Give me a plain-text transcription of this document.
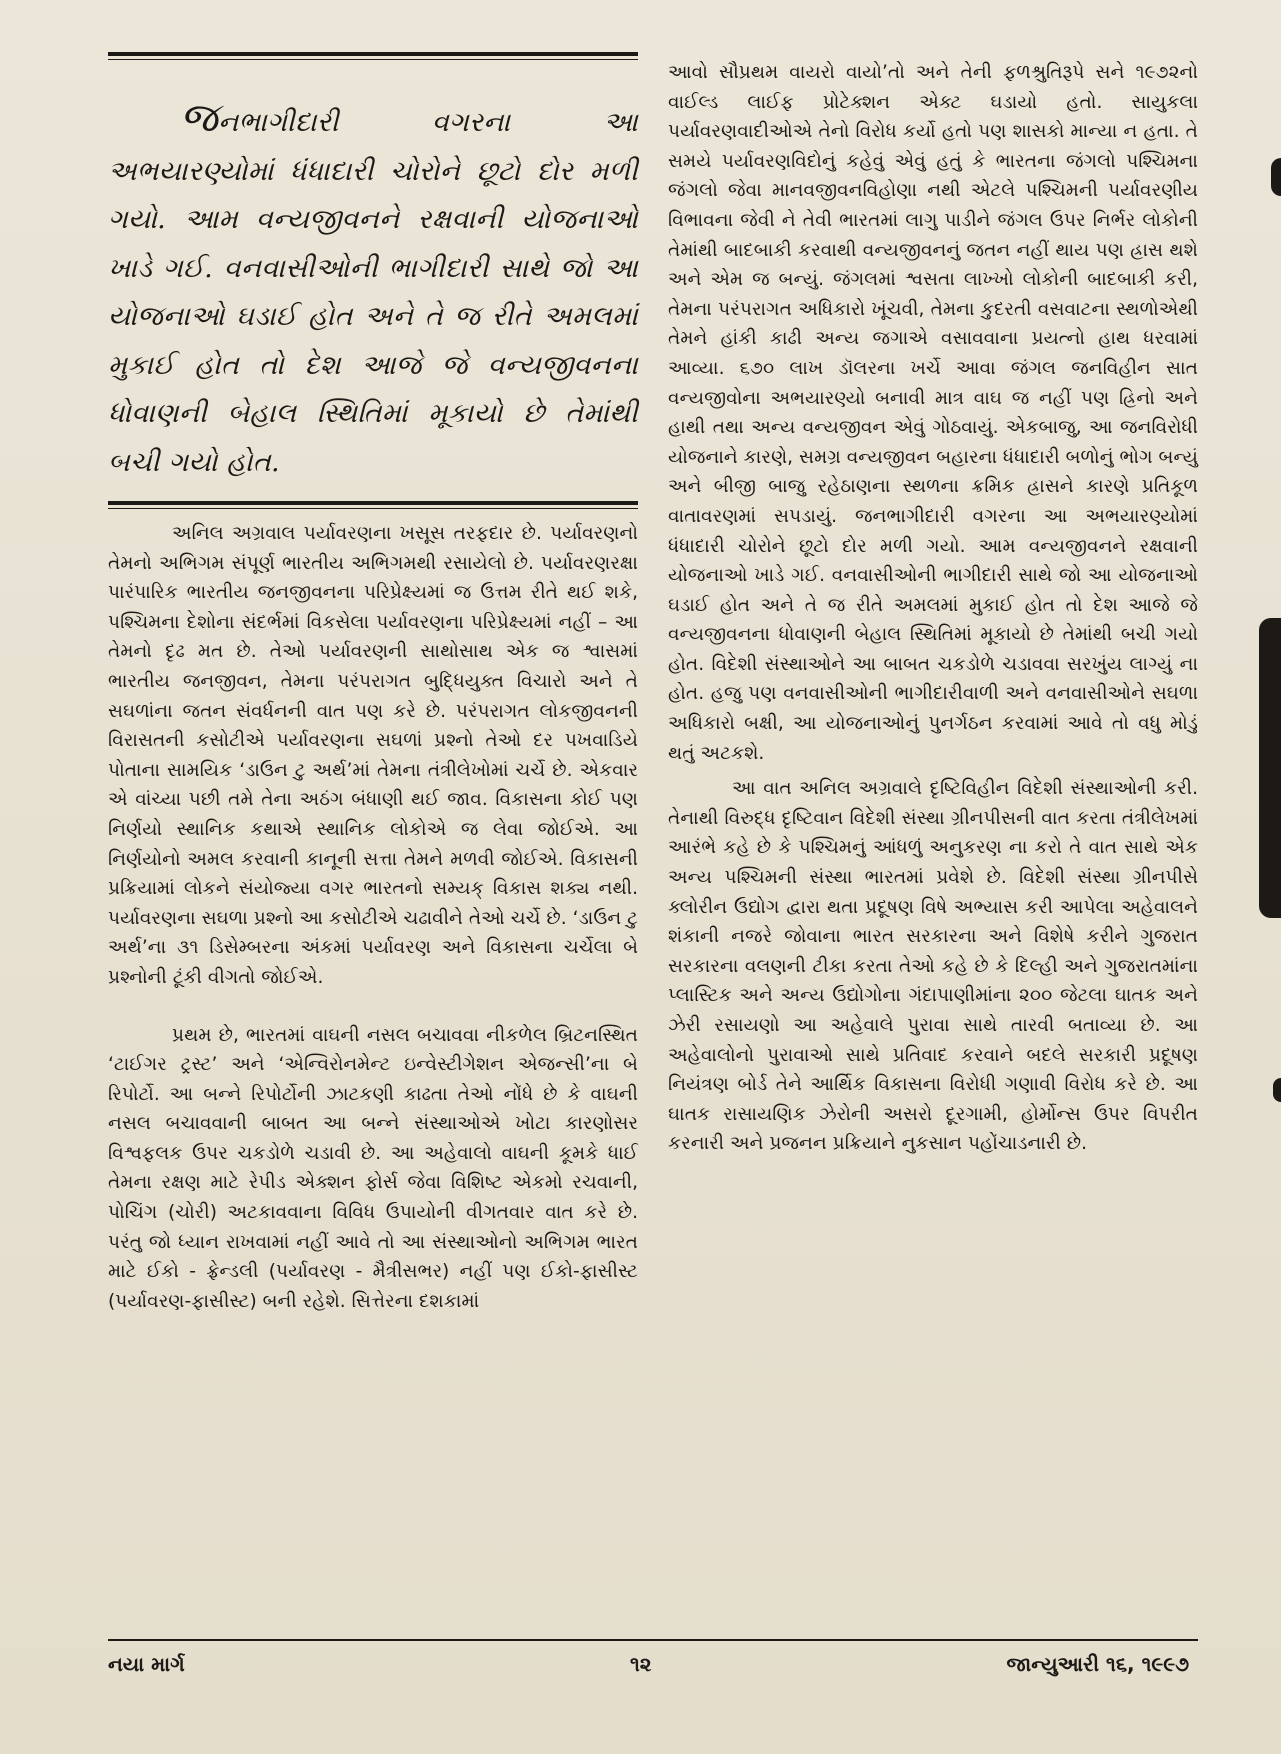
જનભાગીદારી વગરના આ અભયારણ્યોમાં ધંધાદારી ચોરોને છૂટો દોર મળી ગયો. આમ વન્યજીવનને રક્ષવાની યોજનાઓ ખાડે ગઈ. વનવાસીઓની ભાગીદારી સાથે જો આ યોજનાઓ ઘડાઈ હોત અને તે જ રીતે અમલમાં મુકાઈ હોત તો દેશ આજે જે વન્યજીવનના ધોવાણની બેહાલ સ્થિતિમાં મૂકાયો છે તેમાંથી બચી ગયો હોત.

અનિલ અગ્રવાલ પર્યાવરણના ખસૂસ તરફદાર છે. પર્યાવરણનો તેમનો અભિગમ સંપૂર્ણ ભારતીય અભિગમથી રસાયેલો છે. પર્યાવરણરક્ષા પારંપારિક ભારતીય જનજીવનના પરિપ્રેક્ષ્યમાં જ ઉત્તમ રીતે થઈ શકે, પશ્ચિમના દેશોના સંદર્ભમાં વિકસેલા પર્યાવરણના પરિપ્રેક્ષ્યમાં નહીં – આ તેમનો દૃઢ મત છે. તેઓ પર્યાવરણની સાથોસાથ એક જ શ્વાસમાં ભારતીય જનજીવન, તેમના પરંપરાગત બુદ્ધિયુક્ત વિચારો અને તે સઘળાંના જતન સંવર્ધનની વાત પણ કરે છે. પરંપરાગત લોકજીવનની વિરાસતની કસોટીએ પર્યાવરણના સઘળાં પ્રશ્નો તેઓ દર પખવાડિયે પોતાના સામયિક ‘ડાઉન ટુ અર્થ’માં તેમના તંત્રીલેખોમાં ચર્ચે છે. એકવાર એ વાંચ્યા પછી તમે તેના અઠંગ બંધાણી થઈ જાવ. વિકાસના કોઈ પણ નિર્ણયો સ્થાનિક કથાએ સ્થાનિક લોકોએ જ લેવા જોઈએ. આ નિર્ણયોનો અમલ કરવાની કાનૂની સત્તા તેમને મળવી જોઈએ. વિકાસની પ્રક્રિયામાં લોકને સંયોજ્યા વગર ભારતનો સમ્યક્ વિકાસ શક્ય નથી. પર્યાવરણના સઘળા પ્રશ્નો આ કસોટીએ ચઢાવીને તેઓ ચર્ચે છે. ‘ડાઉન ટુ અર્થ’ના ૩૧ ડિસેમ્બરના અંકમાં પર્યાવરણ અને વિકાસના ચર્ચેલા બે પ્રશ્નોની ટૂંકી વીગતો જોઈએ.

પ્રથમ છે, ભારતમાં વાઘની નસલ બચાવવા નીકળેલ બ્રિટનસ્થિત ‘ટાઈગર ટ્રસ્ટ’ અને ‘એન્વિરોનમેન્ટ ઇન્વેસ્ટીગેશન એજન્સી’ના બે રિપોર્ટો. આ બન્ને રિપોર્ટોની ઝાટકણી કાઢતા તેઓ નોંધે છે કે વાઘની નસલ બચાવવાની બાબત આ બન્ને સંસ્થાઓએ ખોટા કારણોસર વિશ્વફલક ઉપર ચકડોળે ચડાવી છે. આ અહેવાલો વાઘની કૂમકે ધાઈ તેમના રક્ષણ માટે રેપીડ એક્શન ફોર્સ જેવા વિશિષ્ટ એકમો રચવાની, પોચિંગ (ચોરી) અટકાવવાના વિવિધ ઉપાયોની વીગતવાર વાત કરે છે. પરંતુ જો ધ્યાન રાખવામાં નહીં આવે તો આ સંસ્થાઓનો અભિગમ ભારત માટે ઈકો - ફ્રેન્ડલી (પર્યાવરણ - મૈત્રીસભર) નહીં પણ ઈકો-ફાસીસ્ટ (પર્યાવરણ-ફાસીસ્ટ) બની રહેશે. સિત્તેરના દશકામાં

આવો સૌપ્રથમ વાયરો વાયો’તો અને તેની ફળશ્રુતિરૂપે સને ૧૯૭૨નો વાઈલ્ડ લાઈફ પ્રોટેક્શન એક્ટ ઘડાયો હતો. સાયુકલા પર્યાવરણવાદીઓએ તેનો વિરોધ કર્યો હતો પણ શાસકો માન્યા ન હતા. તે સમયે પર્યાવરણવિદોનું કહેવું એવું હતું કે ભારતના જંગલો પશ્ચિમના જંગલો જેવા માનવજીવનવિહોણા નથી એટલે પશ્ચિમની પર્યાવરણીય વિભાવના જેવી ને તેવી ભારતમાં લાગુ પાડીને જંગલ ઉપર નિર્ભર લોકોની તેમાંથી બાદબાકી કરવાથી વન્યજીવનનું જતન નહીં થાય પણ હ્રાસ થશે અને એમ જ બન્યું. જંગલમાં શ્વસતા લાખ્ખો લોકોની બાદબાકી કરી, તેમના પરંપરાગત અધિકારો ખૂંચવી, તેમના કુદરતી વસવાટના સ્થળોએથી તેમને હાંકી કાઢી અન્ય જગાએ વસાવવાના પ્રયત્નો હાથ ધરવામાં આવ્યા. ૬૭૦ લાખ ડૉલરના ખર્ચે આવા જંગલ જનવિહીન સાત વન્યજીવોના અભયારણ્યો બનાવી માત્ર વાઘ જ નહીં પણ હ્રિનો અને હાથી તથા અન્ય વન્યજીવન એવું ગોઠવાયું. એકબાજુ, આ જનવિરોધી યોજનાને કારણે, સમગ્ર વન્યજીવન બહારના ધંધાદારી બળોનું ભોગ બન્યું અને બીજી બાજુ રહેઠાણના સ્થળના ક્રમિક હ્રાસને કારણે પ્રતિકૂળ વાતાવરણમાં સપડાયું. જનભાગીદારી વગરના આ અભયારણ્યોમાં ધંધાદારી ચોરોને છૂટો દોર મળી ગયો. આમ વન્યજીવનને રક્ષવાની યોજનાઓ ખાડે ગઈ. વનવાસીઓની ભાગીદારી સાથે જો આ યોજનાઓ ઘડાઈ હોત અને તે જ રીતે અમલમાં મુકાઈ હોત તો દેશ આજે જે વન્યજીવનના ધોવાણની બેહાલ સ્થિતિમાં મૂકાયો છે તેમાંથી બચી ગયો હોત. વિદેશી સંસ્થાઓને આ બાબત ચકડોળે ચડાવવા સરખુંય લાગ્યું ના હોત. હજુ પણ વનવાસીઓની ભાગીદારીવાળી અને વનવાસીઓને સઘળા અધિકારો બક્ષી, આ યોજનાઓનું પુનર્ગઠન કરવામાં આવે તો વધુ મોડું થતું અટકશે.

આ વાત અનિલ અગ્રવાલે દૃષ્ટિવિહીન વિદેશી સંસ્થાઓની કરી. તેનાથી વિરુદ્ધ દૃષ્ટિવાન વિદેશી સંસ્થા ગ્રીનપીસની વાત કરતા તંત્રીલેખમાં આરંભે કહે છે કે પશ્ચિમનું આંધળું અનુકરણ ના કરો તે વાત સાથે એક અન્ય પશ્ચિમની સંસ્થા ભારતમાં પ્રવેશે છે. વિદેશી સંસ્થા ગ્રીનપીસે ક્લોરીન ઉદ્યોગ દ્વારા થતા પ્રદૂષણ વિષે અભ્યાસ કરી આપેલા અહેવાલને શંકાની નજરે જોવાના ભારત સરકારના અને વિશેષે કરીને ગુજરાત સરકારના વલણની ટીકા કરતા તેઓ કહે છે કે દિલ્હી અને ગુજરાતમાંના પ્લાસ્ટિક અને અન્ય ઉદ્યોગોના ગંદાપાણીમાંના ૨૦૦ જેટલા ઘાતક અને ઝેરી રસાયણો આ અહેવાલે પુરાવા સાથે તારવી બતાવ્યા છે. આ અહેવાલોનો પુરાવાઓ સાથે પ્રતિવાદ કરવાને બદલે સરકારી પ્રદૂષણ નિયંત્રણ બોર્ડ તેને આર્થિક વિકાસના વિરોધી ગણાવી વિરોધ કરે છે. આ ઘાતક રાસાયણિક ઝેરોની અસરો દૂરગામી, હોર્મોન્સ ઉપર વિપરીત કરનારી અને પ્રજનન પ્રક્રિયાને નુકસાન પહોંચાડનારી છે.

નયા માર્ગ	૧૨	જાન્યુઆરી ૧૬, ૧૯૯૭
